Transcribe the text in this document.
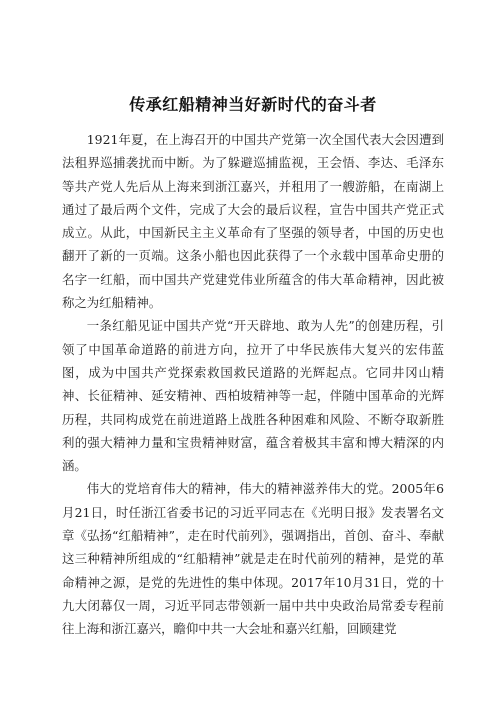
传承红船精神当好新时代的奋斗者

1921年夏，在上海召开的中国共产党第一次全国代表大会因遭到法租界巡捕袭扰而中断。为了躲避巡捕监视，王会悟、李达、毛泽东等共产党人先后从上海来到浙江嘉兴，并租用了一艘游船，在南湖上通过了最后两个文件，完成了大会的最后议程，宣告中国共产党正式成立。从此，中国新民主主义革命有了坚强的领导者，中国的历史也翻开了新的一页端。这条小船也因此获得了一个永载中国革命史册的名字一红船，而中国共产党建党伟业所蕴含的伟大革命精神，因此被称之为红船精神。

一条红船见证中国共产党“开天辟地、敢为人先”的创建历程，引领了中国革命道路的前进方向，拉开了中华民族伟大复兴的宏伟蓝图，成为中国共产党探索救国救民道路的光辉起点。它同井冈山精神、长征精神、延安精神、西柏坡精神等一起，伴随中国革命的光辉历程，共同构成党在前进道路上战胜各种困难和风险、不断夺取新胜利的强大精神力量和宝贵精神财富，蕴含着极其丰富和博大精深的内涵。

伟大的党培育伟大的精神，伟大的精神滋养伟大的党。2005年6月21日，时任浙江省委书记的习近平同志在《光明日报》发表署名文章《弘扬“红船精神”，走在时代前列》，强调指出，首创、奋斗、奉献这三种精神所组成的“红船精神”就是走在时代前列的精神，是党的革命精神之源，是党的先进性的集中体现。2017年10月31日，党的十九大闭幕仅一周，习近平同志带领新一届中共中央政治局常委专程前往上海和浙江嘉兴，瞻仰中共一大会址和嘉兴红船，回顾建党
